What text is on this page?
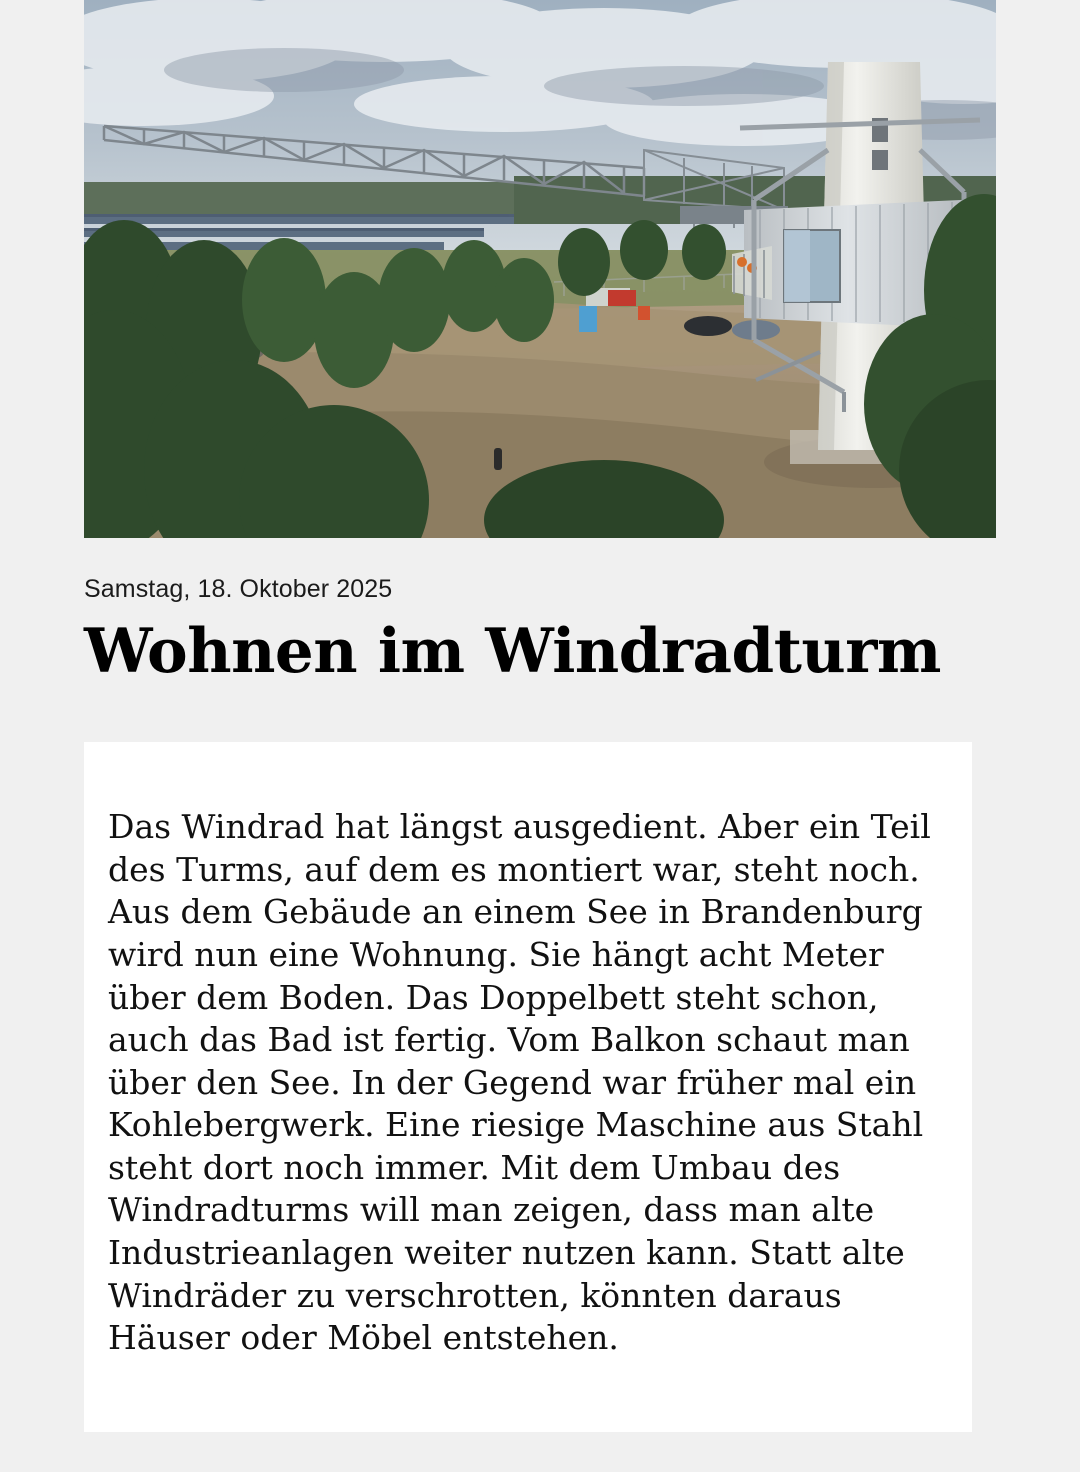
Samstag, 18. Oktober 2025
Wohnen im Windradturm

Das Windrad hat längst ausgedient. Aber ein Teil des Turms, auf dem es montiert war, steht noch. Aus dem Gebäude an einem See in Brandenburg wird nun eine Wohnung. Sie hängt acht Meter über dem Boden. Das Doppelbett steht schon, auch das Bad ist fertig. Vom Balkon schaut man über den See. In der Gegend war früher mal ein Kohlebergwerk. Eine riesige Maschine aus Stahl steht dort noch immer. Mit dem Umbau des Windradturms will man zeigen, dass man alte Industrieanlagen weiter nutzen kann. Statt alte Windräder zu verschrotten, könnten daraus Häuser oder Möbel entstehen.
